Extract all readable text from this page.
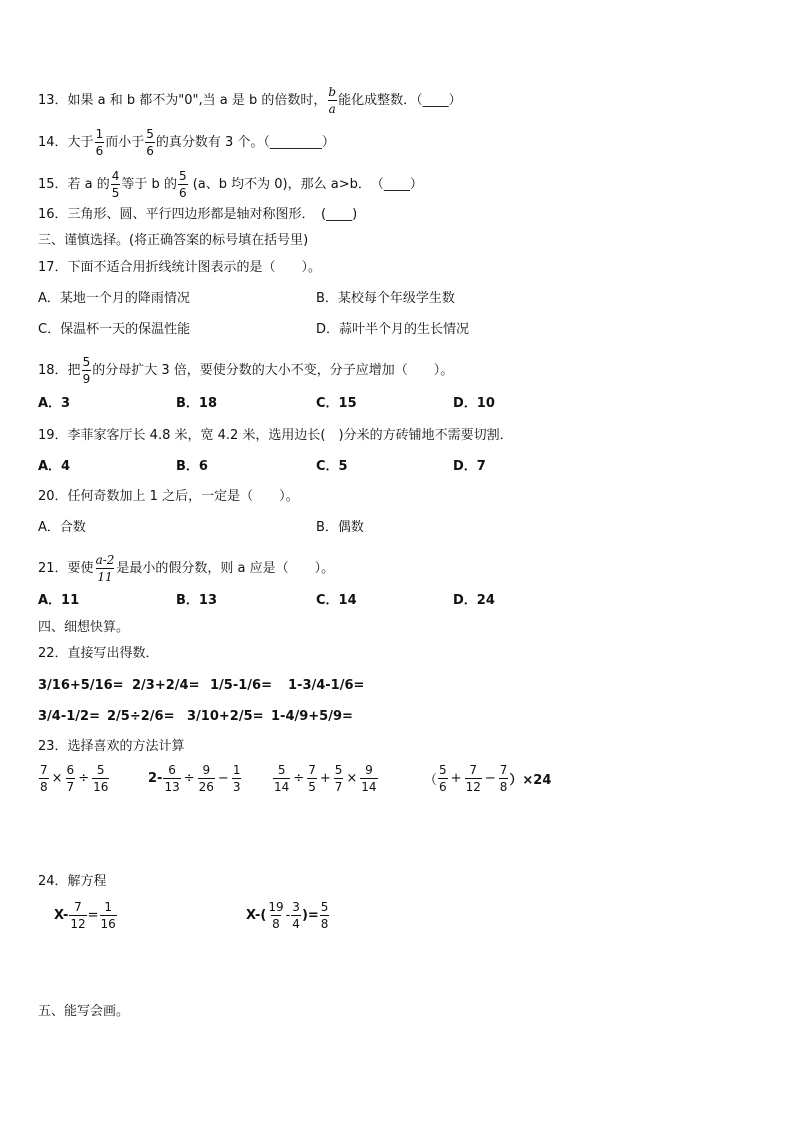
13．如果 a 和 b 都不为"0",当 a 是 b 的倍数时， $\frac{b}{a}$ 能化成整数．（____）
14．大于 $\frac{1}{6}$ 而小于 $\frac{5}{6}$ 的真分数有 3 个。（________）
15．若 a 的 $\frac{4}{5}$ 等于 b 的 $\frac{5}{6} (a$、b 均不为 0)，那么 a>b．　（____）
16．三角形、圆、平行四边形都是轴对称图形．　(____)
三、谨慎选择。(将正确答案的标号填在括号里)
17．下面不适合用折线统计图表示的是（　　）。
A．某地一个月的降雨情况	B．某校每个年级学生数
C．保温杯一天的保温性能	D．蒜叶半个月的生长情况
18．把 $\frac{5}{9}$ 的分母扩大 3 倍，要使分数的大小不变，分子应增加（　　）。
A．3	B．18	C．15	D．10
19．李菲家客厅长 4.8 米，宽 4.2 米，选用边长(　)分米的方砖铺地不需要切割．
A．4	B．6	C．5	D．7
20．任何奇数加上 1 之后，一定是（　　）。
A．合数	B．偶数
21．要使 $\frac{a-2}{11}$ 是最小的假分数，则 a 应是（　　）。
A．11	B．13	C．14	D．24
四、细想快算。
22．直接写出得数．
3/16+5/16= 2/3+2/4= 1/5-1/6= 1-3/4-1/6=
3/4-1/2= 2/5÷2/6= 3/10+2/5= 1-4/9+5/9=
23．选择喜欢的方法计算
$\frac{7}{8} \times \frac{6}{7} \div \frac{5}{16}$	$2- \frac{6}{13} \div \frac{9}{26} - \frac{1}{3}$	$\frac{5}{14} \div \frac{7}{5} + \frac{5}{7} \times \frac{9}{14}$	（ $\frac{5}{6} + \frac{7}{12} - \frac{7}{8} )\times 24$
24．解方程
$X- \frac{7}{12} = \frac{1}{16}$	$X-( \frac{19}{8} - \frac{3}{4}$ )= $\frac{5}{8}$
五、能写会画。
